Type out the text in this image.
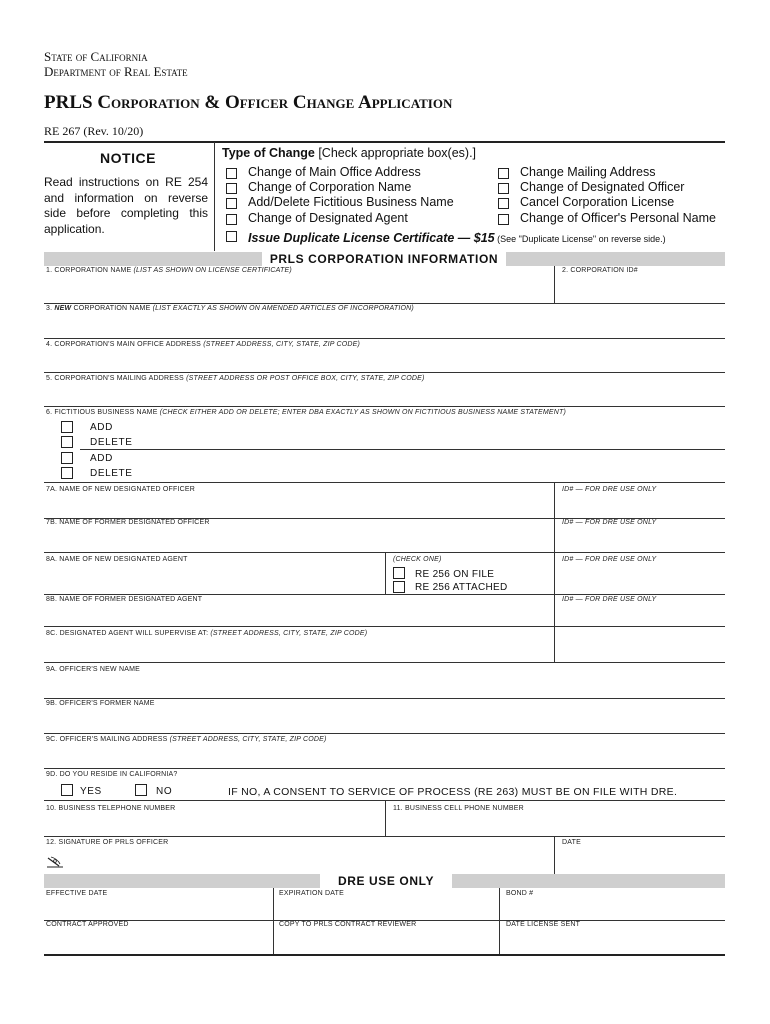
State of California
Department of Real Estate
PRLS Corporation & Officer Change Application
RE 267 (Rev. 10/20)
NOTICE
Read instructions on RE 254 and information on reverse side before completing this application.
Type of Change [Check appropriate box(es).]
Change of Main Office Address
Change of Corporation Name
Add/Delete Fictitious Business Name
Change of Designated Agent
Change Mailing Address
Change of Designated Officer
Cancel Corporation License
Change of Officer's Personal Name
Issue Duplicate License Certificate — $15 (See "Duplicate License" on reverse side.)
PRLS CORPORATION INFORMATION
1. CORPORATION NAME (LIST AS SHOWN ON LICENSE CERTIFICATE)	2. CORPORATION ID#
3. NEW CORPORATION NAME (LIST EXACTLY AS SHOWN ON AMENDED ARTICLES OF INCORPORATION)
4. CORPORATION'S MAIN OFFICE ADDRESS (STREET ADDRESS, CITY, STATE, ZIP CODE)
5. CORPORATION'S MAILING ADDRESS (STREET ADDRESS OR POST OFFICE BOX, CITY, STATE, ZIP CODE)
6. FICTITIOUS BUSINESS NAME (CHECK EITHER ADD OR DELETE; ENTER DBA EXACTLY AS SHOWN ON FICTITIOUS BUSINESS NAME STATEMENT)
ADD
DELETE
ADD
DELETE
7A. NAME OF NEW DESIGNATED OFFICER	ID# — FOR DRE USE ONLY
7B. NAME OF FORMER DESIGNATED OFFICER	ID# — FOR DRE USE ONLY
8A. NAME OF NEW DESIGNATED AGENT	(CHECK ONE)
RE 256 ON FILE
RE 256 ATTACHED
ID# — FOR DRE USE ONLY
8B. NAME OF FORMER DESIGNATED AGENT	ID# — FOR DRE USE ONLY
8C. DESIGNATED AGENT WILL SUPERVISE AT: (STREET ADDRESS, CITY, STATE, ZIP CODE)
9A. OFFICER'S NEW NAME
9B. OFFICER'S FORMER NAME
9C. OFFICER'S MAILING ADDRESS (STREET ADDRESS, CITY, STATE, ZIP CODE)
9D. DO YOU RESIDE IN CALIFORNIA?
YES	NO	IF NO, A CONSENT TO SERVICE OF PROCESS (RE 263) MUST BE ON FILE WITH DRE.
10. BUSINESS TELEPHONE NUMBER	11. BUSINESS CELL PHONE NUMBER
12. SIGNATURE OF PRLS OFFICER	DATE
DRE USE ONLY
EFFECTIVE DATE	EXPIRATION DATE	BOND #
CONTRACT APPROVED	COPY TO PRLS CONTRACT REVIEWER	DATE LICENSE SENT
